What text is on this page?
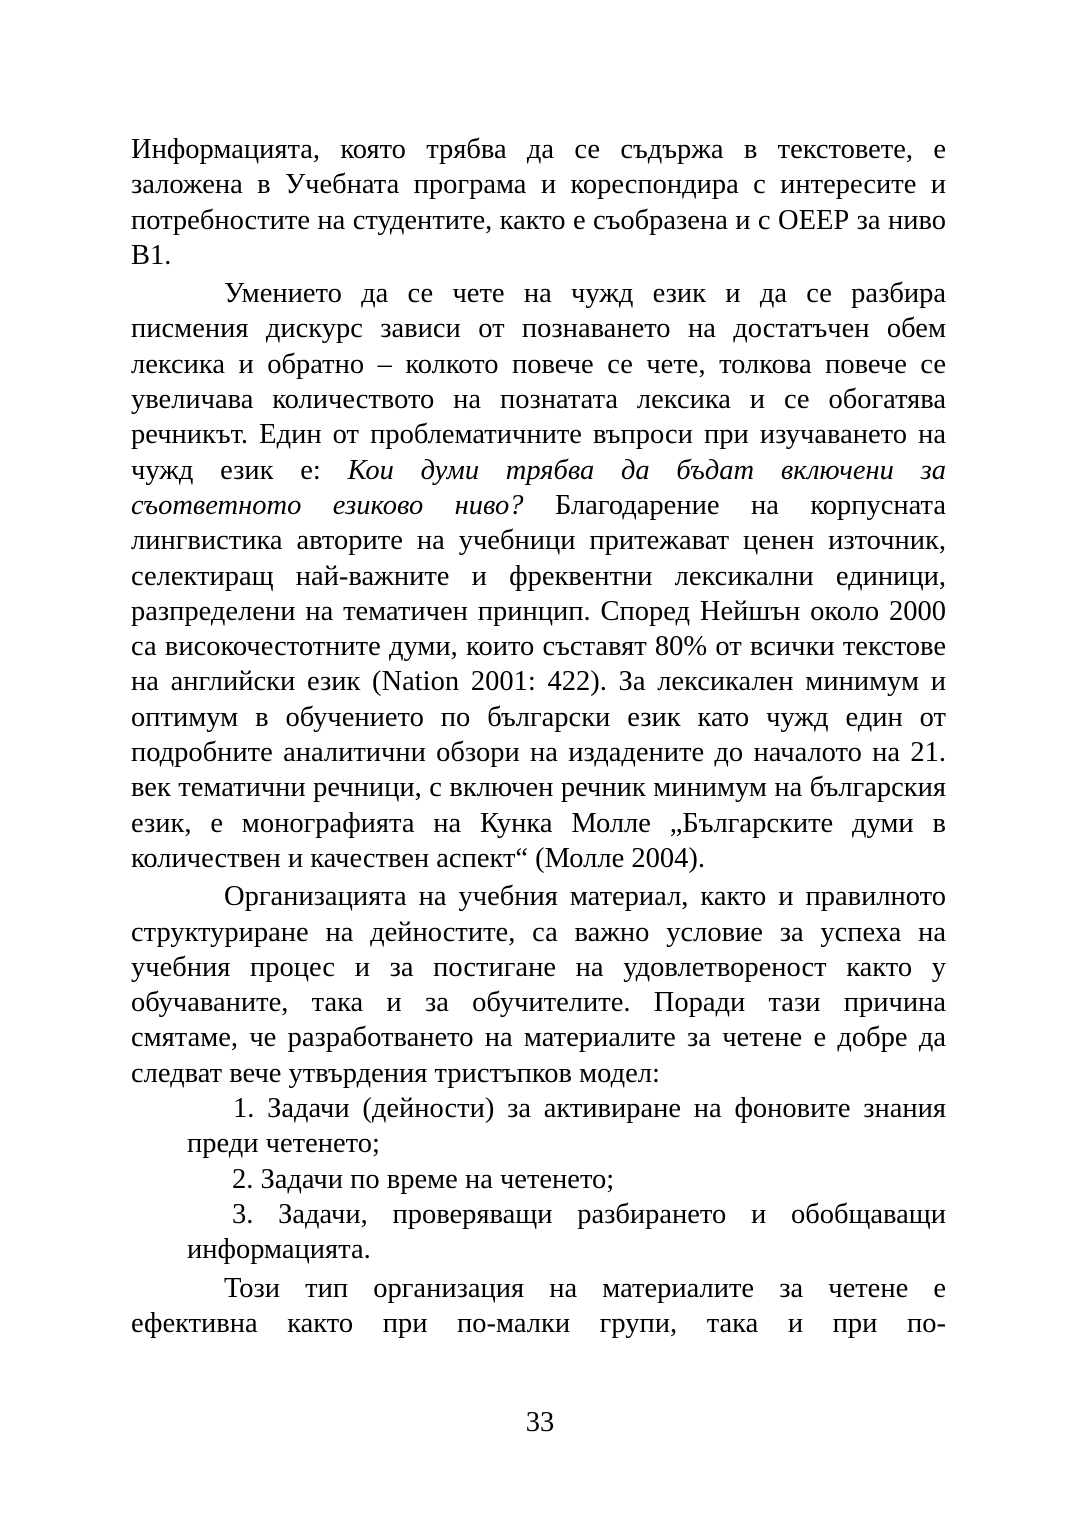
Информацията, която трябва да се съдържа в текстовете, е заложена в Учебната програма и кореспондира с интересите и потребностите на студентите, както е съобразена и с ОЕЕР за ниво В1.

Умението да се чете на чужд език и да се разбира писмения дискурс зависи от познаването на достатъчен обем лексика и обратно – колкото повече се чете, толкова повече се увеличава количеството на познатата лексика и се обогатява речникът. Един от проблематичните въпроси при изучаването на чужд език е: Кои думи трябва да бъдат включени за съответното езиково ниво? Благодарение на корпусната лингвистика авторите на учебници притежават ценен източник, селектиращ най-важните и фреквентни лексикални единици, разпределени на тематичен принцип. Според Нейшън около 2000 са високочестотните думи, които съставят 80% от всички текстове на английски език (Nation 2001: 422). За лексикален минимум и оптимум в обучението по български език като чужд един от подробните аналитични обзори на издадените до началото на 21. век тематични речници, с включен речник минимум на българския език, е монографията на Кунка Молле „Българските думи в количествен и качествен аспект“ (Молле 2004).

Организацията на учебния материал, както и правилното структуриране на дейностите, са важно условие за успеха на учебния процес и за постигане на удовлетвореност както у обучаваните, така и за обучителите. Поради тази причина смятаме, че разработването на материалите за четене е добре да следват вече утвърдения тристъпков модел:

1. Задачи (дейности) за активиране на фоновите знания преди четенето;

2. Задачи по време на четенето;

3. Задачи, проверяващи разбирането и обобщаващи информацията.

Този тип организация на материалите за четене е ефективна както при по-малки групи, така и при по-

33
